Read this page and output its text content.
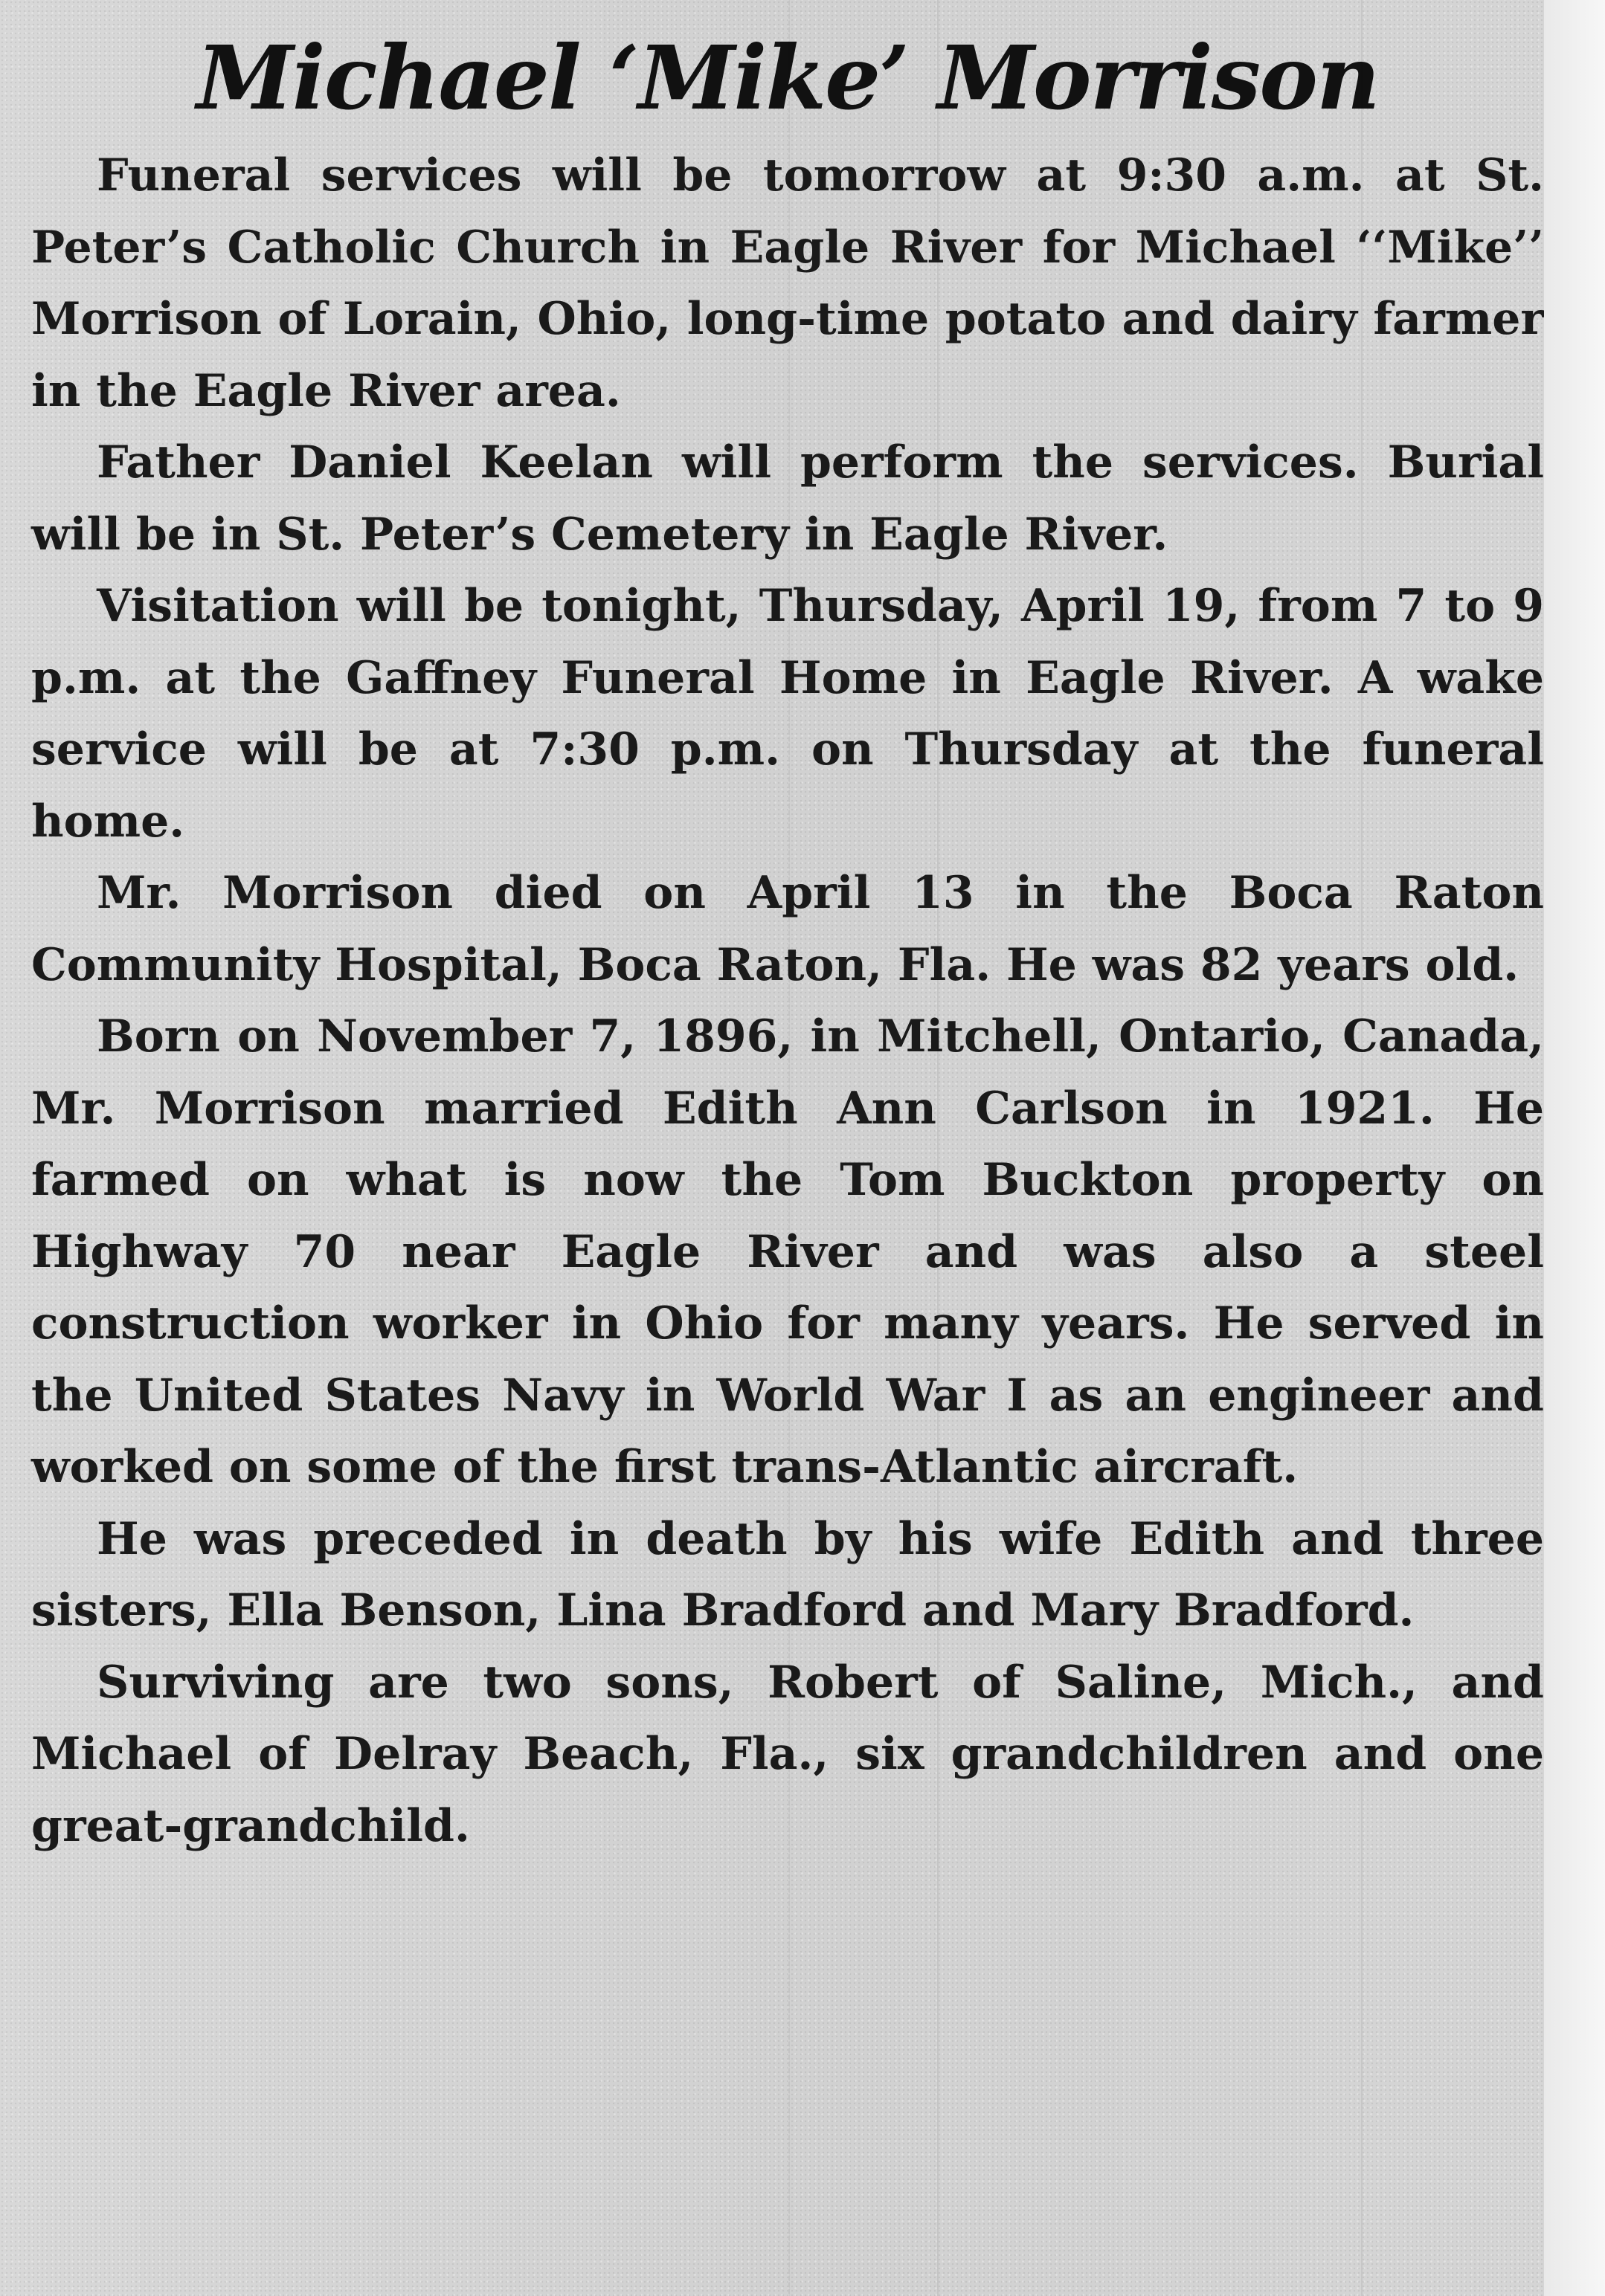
Michael ‘Mike’ Morrison

Funeral services will be tomorrow at 9:30 a.m. at St. Peter’s Catholic Church in Eagle River for Michael ‘‘Mike’’ Morrison of Lorain, Ohio, long-time potato and dairy farmer in the Eagle River area.

Father Daniel Keelan will perform the services. Burial will be in St. Peter’s Cemetery in Eagle River.

Visitation will be tonight, Thursday, April 19, from 7 to 9 p.m. at the Gaffney Funeral Home in Eagle River. A wake service will be at 7:30 p.m. on Thursday at the funeral home.

Mr. Morrison died on April 13 in the Boca Raton Community Hospital, Boca Raton, Fla. He was 82 years old.

Born on November 7, 1896, in Mitchell, Ontario, Canada, Mr. Morrison married Edith Ann Carlson in 1921. He farmed on what is now the Tom Buckton property on Highway 70 near Eagle River and was also a steel construction worker in Ohio for many years. He served in the United States Navy in World War I as an engineer and worked on some of the first trans-Atlantic aircraft.

He was preceded in death by his wife Edith and three sisters, Ella Benson, Lina Bradford and Mary Bradford.

Surviving are two sons, Robert of Saline, Mich., and Michael of Delray Beach, Fla., six grandchildren and one great-grandchild.
